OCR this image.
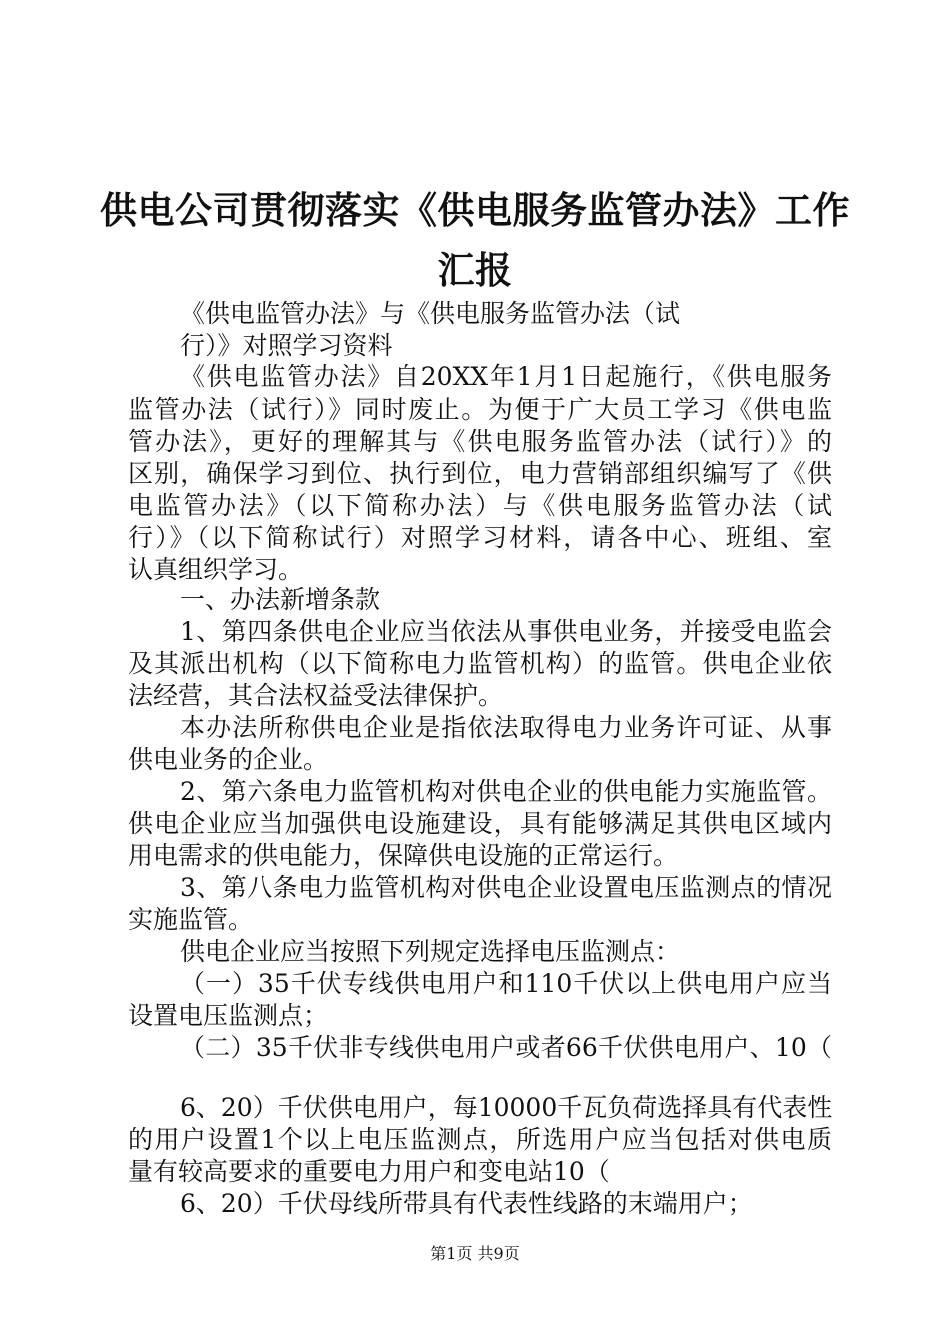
供电公司贯彻落实《供电服务监管办法》工作
汇报
《供电监管办法》与《供电服务监管办法（试
行）》对照学习资料
《供电监管办法》自20XX年1月1日起施行，《供电服务
监管办法（试行）》同时废止。为便于广大员工学习《供电监
管办法》，更好的理解其与《供电服务监管办法（试行）》的
区别，确保学习到位、执行到位，电力营销部组织编写了《供
电监管办法》（以下简称办法）与《供电服务监管办法（试
行）》（以下简称试行）对照学习材料，请各中心、班组、室
认真组织学习。
一、办法新增条款
1、第四条供电企业应当依法从事供电业务，并接受电监会
及其派出机构（以下简称电力监管机构）的监管。供电企业依
法经营，其合法权益受法律保护。
本办法所称供电企业是指依法取得电力业务许可证、从事
供电业务的企业。
2、第六条电力监管机构对供电企业的供电能力实施监管。
供电企业应当加强供电设施建设，具有能够满足其供电区域内
用电需求的供电能力，保障供电设施的正常运行。
3、第八条电力监管机构对供电企业设置电压监测点的情况
实施监管。
供电企业应当按照下列规定选择电压监测点：
（一）35千伏专线供电用户和110千伏以上供电用户应当
设置电压监测点；
（二）35千伏非专线供电用户或者66千伏供电用户、10（
6、20）千伏供电用户，每10000千瓦负荷选择具有代表性
的用户设置1个以上电压监测点，所选用户应当包括对供电质
量有较高要求的重要电力用户和变电站10（
6、20）千伏母线所带具有代表性线路的末端用户；
第1页 共9页
